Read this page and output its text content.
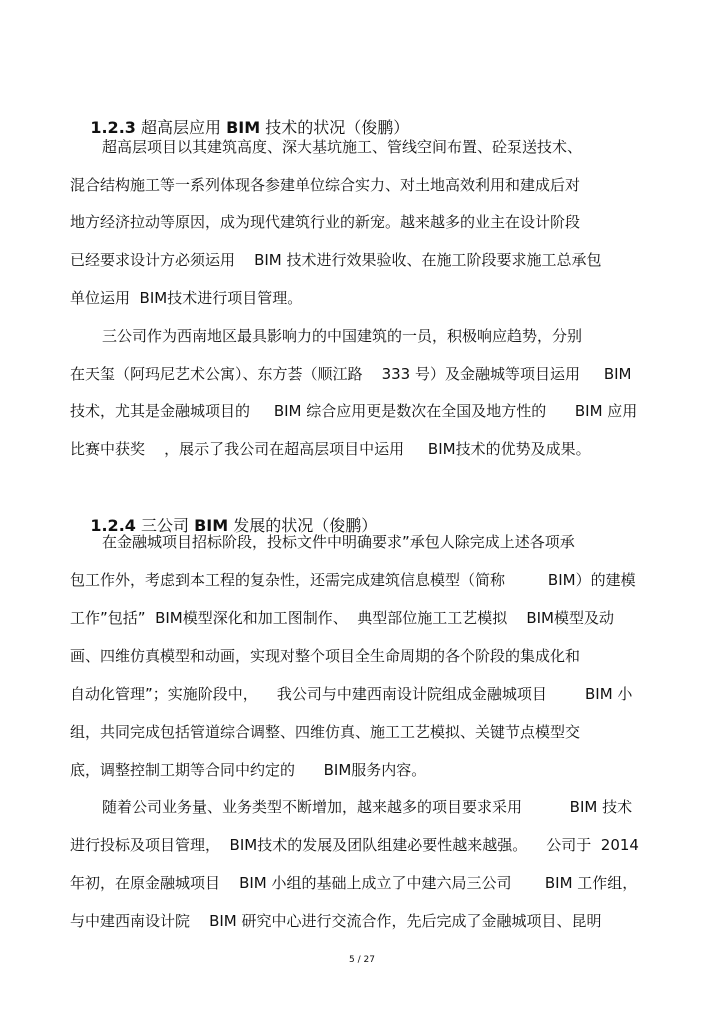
1.2.3 超高层应用 BIM 技术的状况（俊鹏）

超高层项目以其建筑高度、深大基坑施工、管线空间布置、砼泵送技术、
混合结构施工等一系列体现各参建单位综合实力、对土地高效利用和建成后对
地方经济拉动等原因，成为现代建筑行业的新宠。越来越多的业主在设计阶段
已经要求设计方必须运用    BIM 技术进行效果验收、在施工阶段要求施工总承包
单位运用  BIM技术进行项目管理。
三公司作为西南地区最具影响力的中国建筑的一员，积极响应趋势，分别
在天玺（阿玛尼艺术公寓）、东方荟（顺江路    333 号）及金融城等项目运用     BIM
技术，尤其是金融城项目的     BIM 综合应用更是数次在全国及地方性的      BIM 应用
比赛中获奖    ，展示了我公司在超高层项目中运用     BIM技术的优势及成果。

1.2.4 三公司 BIM 发展的状况（俊鹏）

在金融城项目招标阶段，投标文件中明确要求”承包人除完成上述各项承
包工作外，考虑到本工程的复杂性，还需完成建筑信息模型（简称         BIM）的建模
工作”包括”  BIM模型深化和加工图制作、  典型部位施工工艺模拟    BIM模型及动
画、四维仿真模型和动画，实现对整个项目全生命周期的各个阶段的集成化和
自动化管理”；实施阶段中，    我公司与中建西南设计院组成金融城项目        BIM 小
组，共同完成包括管道综合调整、四维仿真、施工工艺模拟、关键节点模型交
底，调整控制工期等合同中约定的      BIM服务内容。
随着公司业务量、业务类型不断增加，越来越多的项目要求采用          BIM 技术
进行投标及项目管理，  BIM技术的发展及团队组建必要性越来越强。    公司于  2014
年初，在原金融城项目    BIM 小组的基础上成立了中建六局三公司       BIM 工作组，
与中建西南设计院    BIM 研究中心进行交流合作，先后完成了金融城项目、昆明
5 / 27
